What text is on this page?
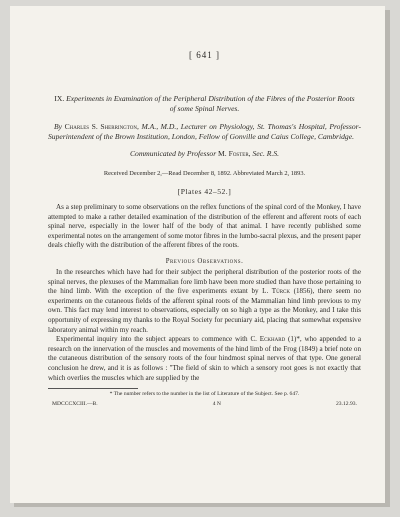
[ 641 ]
IX. Experiments in Examination of the Peripheral Distribution of the Fibres of the Posterior Roots of some Spinal Nerves.
By Charles S. Sherrington, M.A., M.D., Lecturer on Physiology, St. Thomas's Hospital, Professor-Superintendent of the Brown Institution, London, Fellow of Gonville and Caius College, Cambridge.
Communicated by Professor M. Foster, Sec. R.S.
Received December 2,—Read December 8, 1892. Abbreviated March 2, 1893.
[Plates 42–52.]

As a step preliminary to some observations on the reflex functions of the spinal cord of the Monkey, I have attempted to make a rather detailed examination of the distribution of the efferent and afferent roots of each spinal nerve, especially in the lower half of the body of that animal. I have recently published some experimental notes on the arrangement of some motor fibres in the lumbo-sacral plexus, and the present paper deals chiefly with the distribution of the afferent fibres of the roots.

Previous Observations.

In the researches which have had for their subject the peripheral distribution of the posterior roots of the spinal nerves, the plexuses of the Mammalian fore limb have been more studied than have those pertaining to the hind limb. With the exception of the five experiments extant by L. Türck (1856), there seem no experiments on the cutaneous fields of the afferent spinal roots of the Mammalian hind limb previous to my own. This fact may lend interest to observations, especially on so high a type as the Monkey, and I take this opportunity of expressing my thanks to the Royal Society for pecuniary aid, placing that somewhat expensive laboratory animal within my reach.

Experimental inquiry into the subject appears to commence with C. Eckhard (1)*, who appended to a research on the innervation of the muscles and movements of the hind limb of the Frog (1849) a brief note on the cutaneous distribution of the sensory roots of the four hindmost spinal nerves of that type. One general conclusion he drew, and it is as follows : "The field of skin to which a sensory root goes is not exactly that which overlies the muscles which are supplied by the

* The number refers to the number in the list of Literature of the Subject. See p. 647.
MDCCCXCIII.—B.	4 N	23.12.93.
